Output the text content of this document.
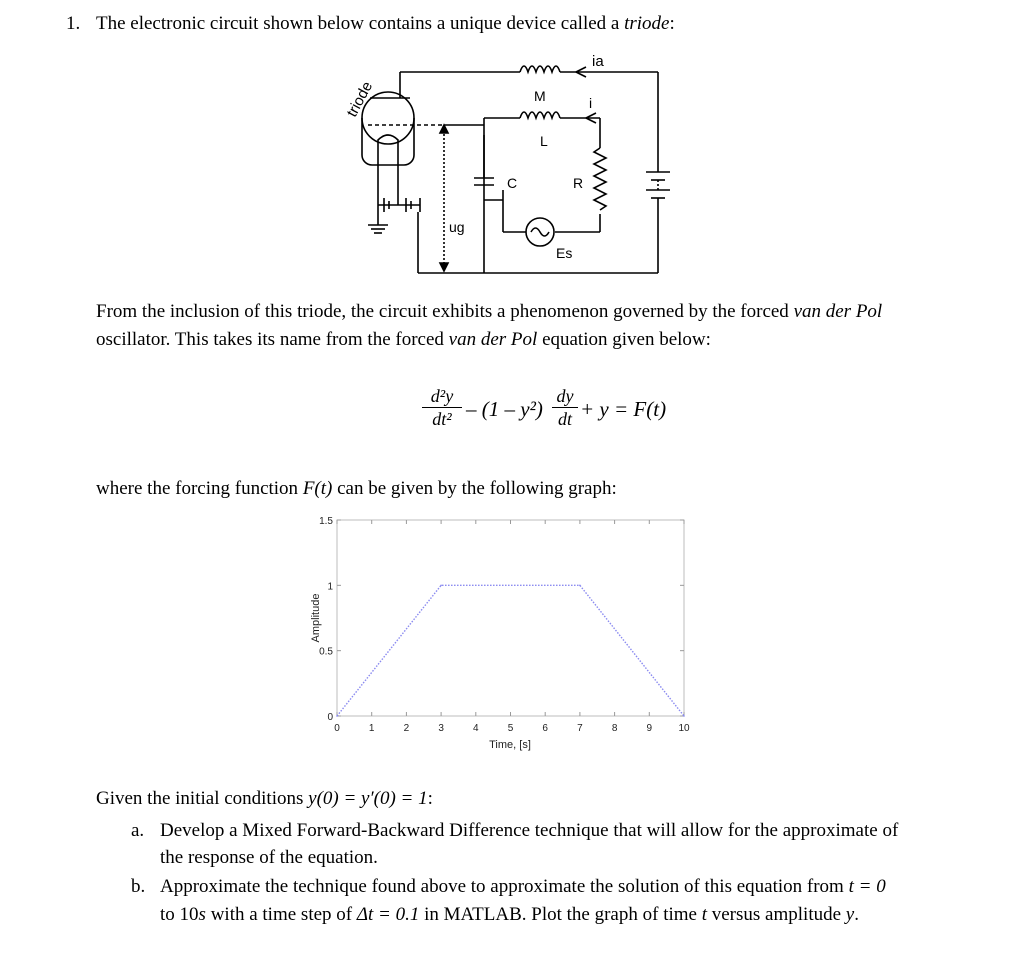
1. The electronic circuit shown below contains a unique device called a triode:
triode
ia
M
L
i
C	R
ug
Es
From the inclusion of this triode, the circuit exhibits a phenomenon governed by the forced van der Pol
oscillator. This takes its name from the forced van der Pol equation given below:
d²y
dt² – (1 – y²)
dy
dt + y = F(t)
where the forcing function F(t) can be given by the following graph:
0	1	2	3	4	5	6	7	8	9	10
0
0.5
1
1.5
Time, [s]
Amplitude
Given the initial conditions y(0) = y′(0) = 1:
a. Develop a Mixed Forward-Backward Difference technique that will allow for the approximate of
the response of the equation.
b. Approximate the technique found above to approximate the solution of this equation from t = 0
to 10s with a time step of Δt = 0.1 in MATLAB. Plot the graph of time t versus amplitude y.
